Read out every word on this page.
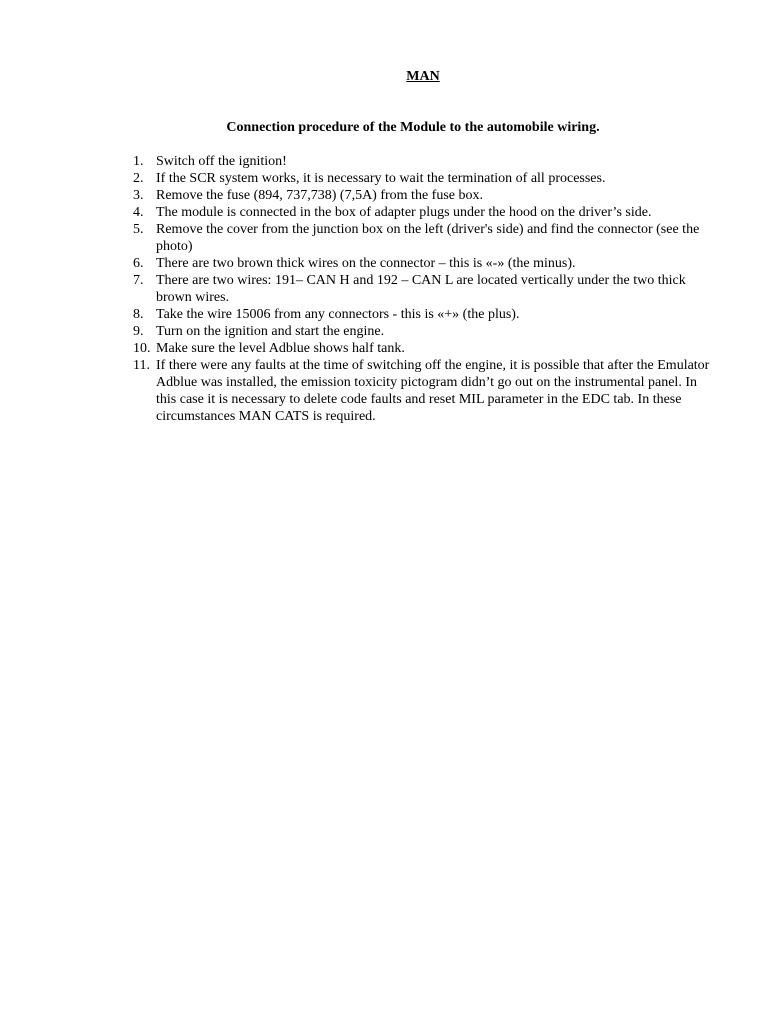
MAN
Connection procedure of the Module to the automobile wiring.
1. Switch off the ignition!
2. If the SCR system works, it is necessary to wait the termination of all processes.
3. Remove the fuse (894, 737,738) (7,5A) from the fuse box.
4. The module is connected in the box of adapter plugs under the hood on the driver’s side.
5. Remove the cover from the junction box on the left (driver's side) and find the connector (see the photo)
6. There are two brown thick wires on the connector – this is «-» (the minus).
7. There are two wires: 191– CAN H and 192 – CAN L are located vertically under the two thick brown wires.
8. Take the wire 15006 from any connectors - this is «+» (the plus).
9. Turn on the ignition and start the engine.
10. Make sure the level Adblue shows half tank.
11. If there were any faults at the time of switching off the engine, it is possible that after the Emulator Adblue was installed, the emission toxicity pictogram didn’t go out on the instrumental panel. In this case it is necessary to delete code faults and reset MIL parameter in the EDC tab. In these circumstances MAN CATS is required.
